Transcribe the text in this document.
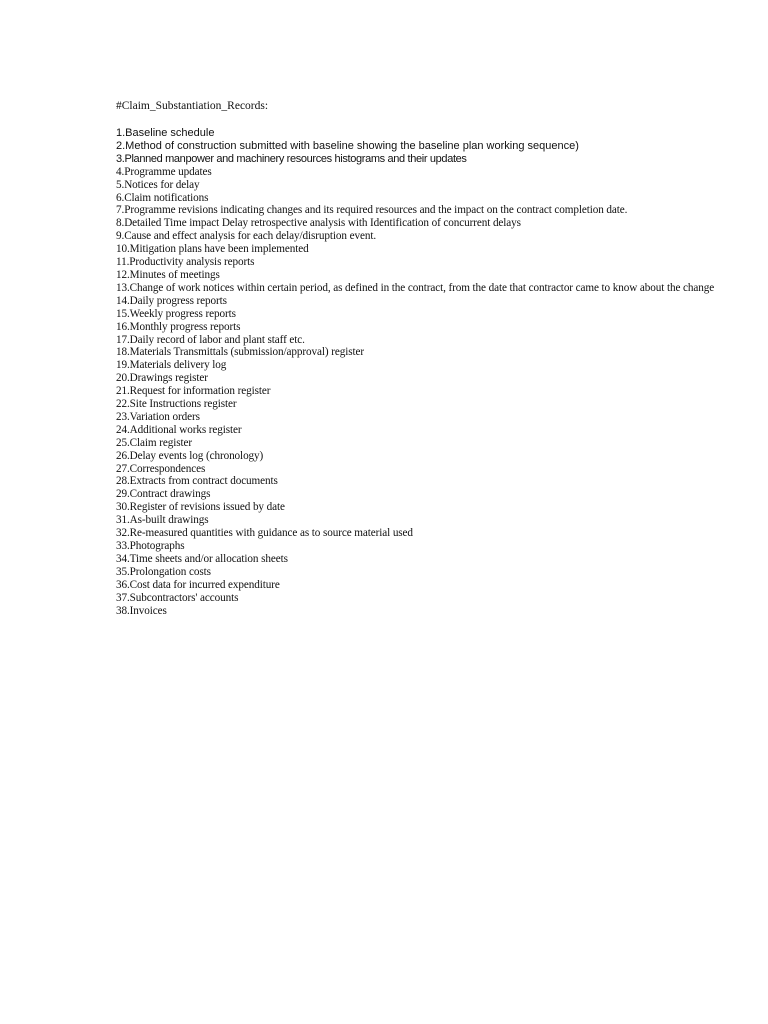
#Claim_Substantiation_Records:
1.Baseline schedule
2.Method of construction submitted with baseline showing the baseline plan working sequence)
3.Planned manpower and machinery resources histograms and their updates
4.Programme updates
5.Notices for delay
6.Claim notifications
7.Programme revisions indicating changes and its required resources and the impact on the contract completion date.
8.Detailed Time impact Delay retrospective analysis with Identification of concurrent delays
9.Cause and effect analysis for each delay/disruption event.
10.Mitigation plans have been implemented
11.Productivity analysis reports
12.Minutes of meetings
13.Change of work notices within certain period, as defined in the contract, from the date that contractor came to know about the change
14.Daily progress reports
15.Weekly progress reports
16.Monthly progress reports
17.Daily record of labor and plant staff etc.
18.Materials Transmittals (submission/approval) register
19.Materials delivery log
20.Drawings register
21.Request for information register
22.Site Instructions register
23.Variation orders
24.Additional works register
25.Claim register
26.Delay events log (chronology)
27.Correspondences
28.Extracts from contract documents
29.Contract drawings
30.Register of revisions issued by date
31.As-built drawings
32.Re-measured quantities with guidance as to source material used
33.Photographs
34.Time sheets and/or allocation sheets
35.Prolongation costs
36.Cost data for incurred expenditure
37.Subcontractors' accounts
38.Invoices
